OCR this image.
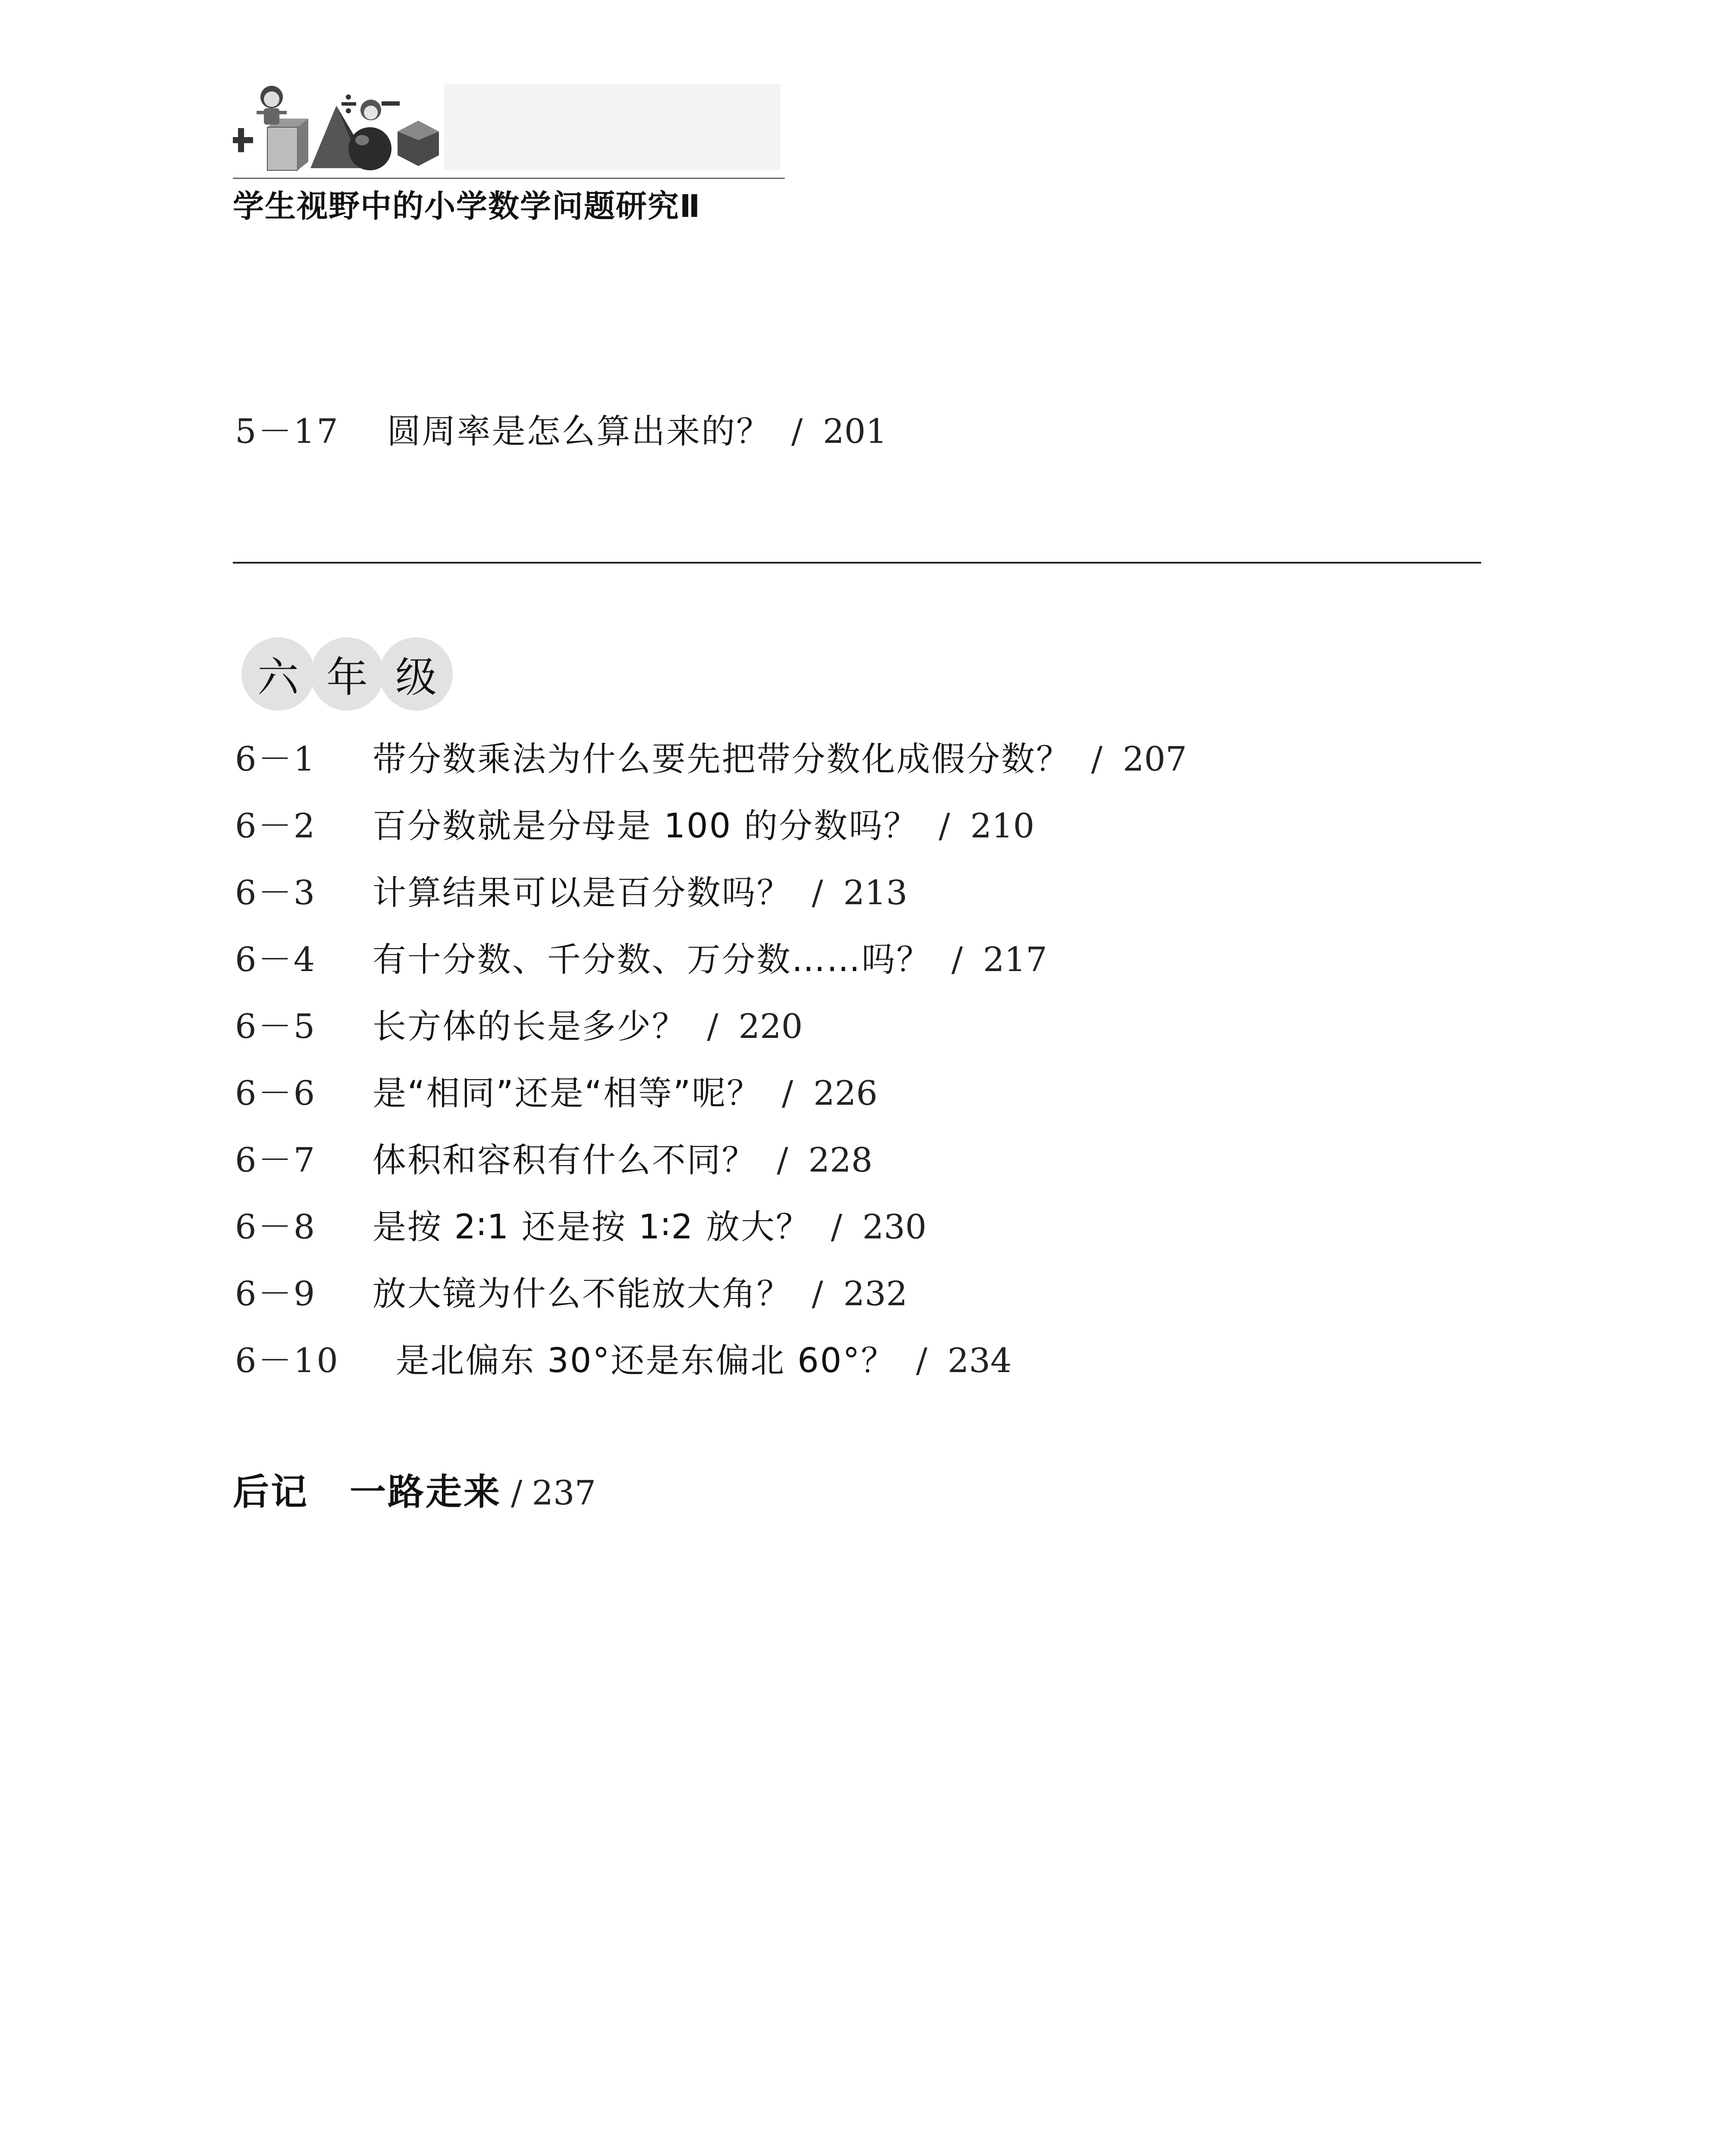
学生视野中的小学数学问题研究Ⅱ
5－17 圆周率是怎么算出来的？ / 201
六 年 级
6－1 带分数乘法为什么要先把带分数化成假分数？ / 207
6－2 百分数就是分母是 100 的分数吗？ / 210
6－3 计算结果可以是百分数吗？ / 213
6－4 有十分数、千分数、万分数……吗？ / 217
6－5 长方体的长是多少？ / 220
6－6 是“相同”还是“相等”呢？ / 226
6－7 体积和容积有什么不同？ / 228
6－8 是按 2∶1 还是按 1∶2 放大？ / 230
6－9 放大镜为什么不能放大角？ / 232
6－10 是北偏东 30°还是东偏北 60°？ / 234
后记 一路走来 / 237
